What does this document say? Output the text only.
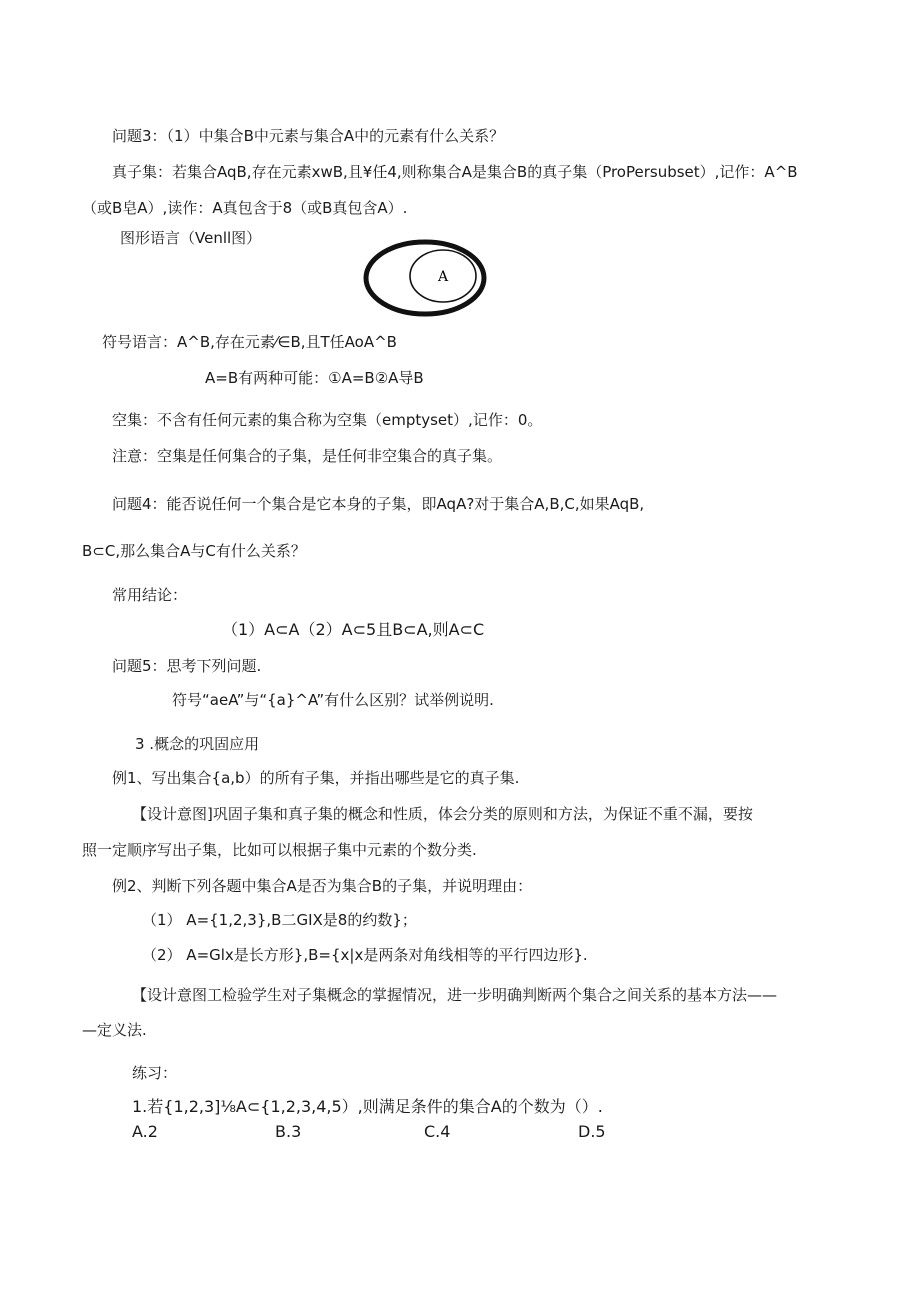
问题3：（1）中集合B中元素与集合A中的元素有什么关系？
真子集：若集合AqB,存在元素xwB,且¥任4,则称集合A是集合B的真子集（ProPersubset）,记作：A^B
（或B皂A）,读作：A真包含于8（或B真包含A）.
图形语言（Venll图）
A
符号语言：A^B,存在元素⁄∈B,且T任AoA^B
A=B有两种可能：①A=B②A导B
空集：不含有任何元素的集合称为空集（emptyset）,记作：0。
注意：空集是任何集合的子集，是任何非空集合的真子集。
问题4：能否说任何一个集合是它本身的子集，即AqA?对于集合A,B,C,如果AqB,
B⊂C,那么集合A与C有什么关系？
常用结论：
（1）A⊂A（2）A⊂5且B⊂A,则A⊂C
问题5：思考下列问题.
符号“aeA”与“{a}^A”有什么区别？试举例说明.
3 .概念的巩固应用
例1、写出集合{a,b）的所有子集，并指出哪些是它的真子集.
【设计意图]巩固子集和真子集的概念和性质，体会分类的原则和方法，为保证不重不漏，要按
照一定顺序写出子集，比如可以根据子集中元素的个数分类.
例2、判断下列各题中集合A是否为集合B的子集，并说明理由：
（1） A={1,2,3},B二GIX是8的约数}；
（2） A=Glx是长方形},B={x|x是两条对角线相等的平行四边形}.
【设计意图工检验学生对子集概念的掌握情况，进一步明确判断两个集合之间关系的基本方法——
—定义法.
练习：
1.若{1,2,3]⅛A⊂{1,2,3,4,5）,则满足条件的集合A的个数为（）.
A.2	B.3	C.4	D.5
